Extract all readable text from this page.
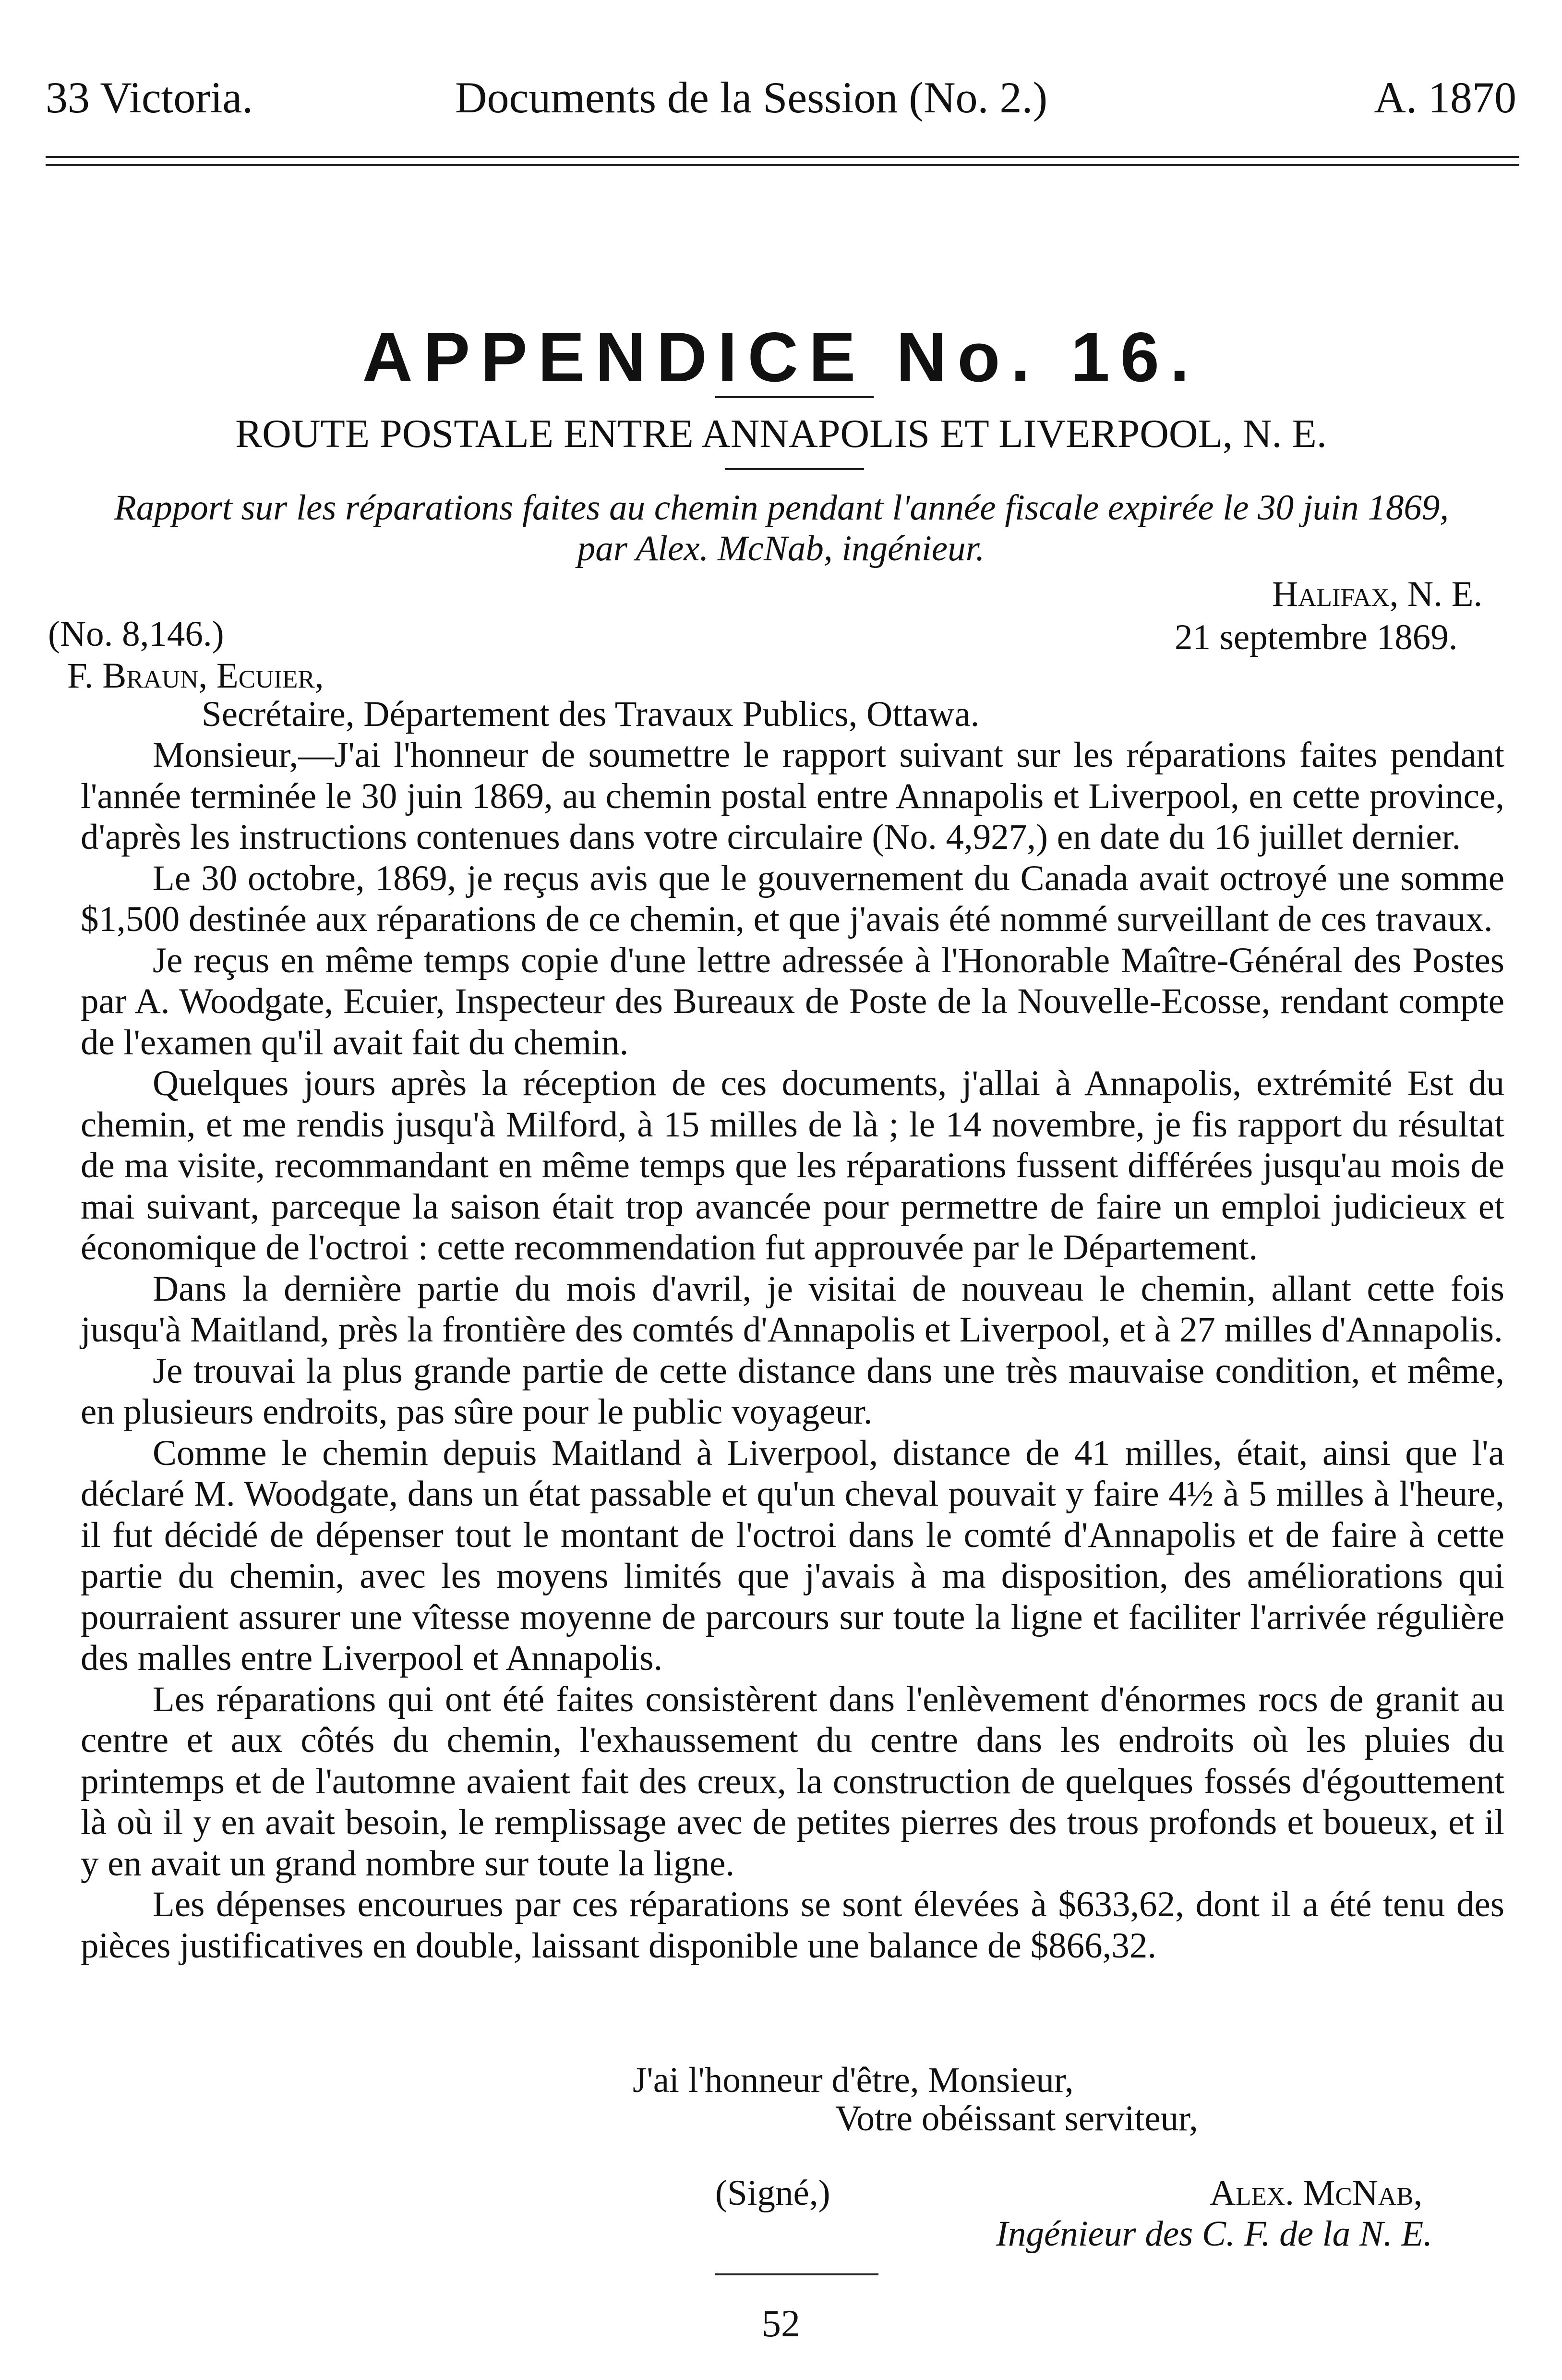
33 Victoria.	Documents de la Session (No. 2.)	A. 1870
APPENDICE No. 16.
ROUTE POSTALE ENTRE ANNAPOLIS ET LIVERPOOL, N. E.
Rapport sur les réparations faites au chemin pendant l'année fiscale expirée le 30 juin 1869,
par Alex. McNab, ingénieur.
Halifax, N. E.
(No. 8,146.)	21 septembre 1869.
F. Braun, Ecuier,
Secrétaire, Département des Travaux Publics, Ottawa.

Monsieur,—J'ai l'honneur de soumettre le rapport suivant sur les réparations faites pendant l'année terminée le 30 juin 1869, au chemin postal entre Annapolis et Liverpool, en cette province, d'après les instructions contenues dans votre circulaire (No. 4,927,) en date du 16 juillet dernier.

Le 30 octobre, 1869, je reçus avis que le gouvernement du Canada avait octroyé une somme $1,500 destinée aux réparations de ce chemin, et que j'avais été nommé surveillant de ces travaux.

Je reçus en même temps copie d'une lettre adressée à l'Honorable Maître-Général des Postes par A. Woodgate, Ecuier, Inspecteur des Bureaux de Poste de la Nouvelle-Ecosse, rendant compte de l'examen qu'il avait fait du chemin.

Quelques jours après la réception de ces documents, j'allai à Annapolis, extrémité Est du chemin, et me rendis jusqu'à Milford, à 15 milles de là ; le 14 novembre, je fis rapport du résultat de ma visite, recommandant en même temps que les réparations fussent différées jusqu'au mois de mai suivant, parceque la saison était trop avancée pour permettre de faire un emploi judicieux et économique de l'octroi : cette recommendation fut approuvée par le Département.

Dans la dernière partie du mois d'avril, je visitai de nouveau le chemin, allant cette fois jusqu'à Maitland, près la frontière des comtés d'Annapolis et Liverpool, et à 27 milles d'Annapolis.

Je trouvai la plus grande partie de cette distance dans une très mauvaise condition, et même, en plusieurs endroits, pas sûre pour le public voyageur.

Comme le chemin depuis Maitland à Liverpool, distance de 41 milles, était, ainsi que l'a déclaré M. Woodgate, dans un état passable et qu'un cheval pouvait y faire 4½ à 5 milles à l'heure, il fut décidé de dépenser tout le montant de l'octroi dans le comté d'Annapolis et de faire à cette partie du chemin, avec les moyens limités que j'avais à ma disposition, des améliorations qui pourraient assurer une vîtesse moyenne de parcours sur toute la ligne et faciliter l'arrivée régulière des malles entre Liverpool et Annapolis.

Les réparations qui ont été faites consistèrent dans l'enlèvement d'énormes rocs de granit au centre et aux côtés du chemin, l'exhaussement du centre dans les endroits où les pluies du printemps et de l'automne avaient fait des creux, la construction de quelques fossés d'égouttement là où il y en avait besoin, le remplissage avec de petites pierres des trous profonds et boueux, et il y en avait un grand nombre sur toute la ligne.

Les dépenses encourues par ces réparations se sont élevées à $633,62, dont il a été tenu des pièces justificatives en double, laissant disponible une balance de $866,32.

J'ai l'honneur d'être, Monsieur,
Votre obéissant serviteur,
(Signé,)	Alex. McNab,
Ingénieur des C. F. de la N. E.
52
